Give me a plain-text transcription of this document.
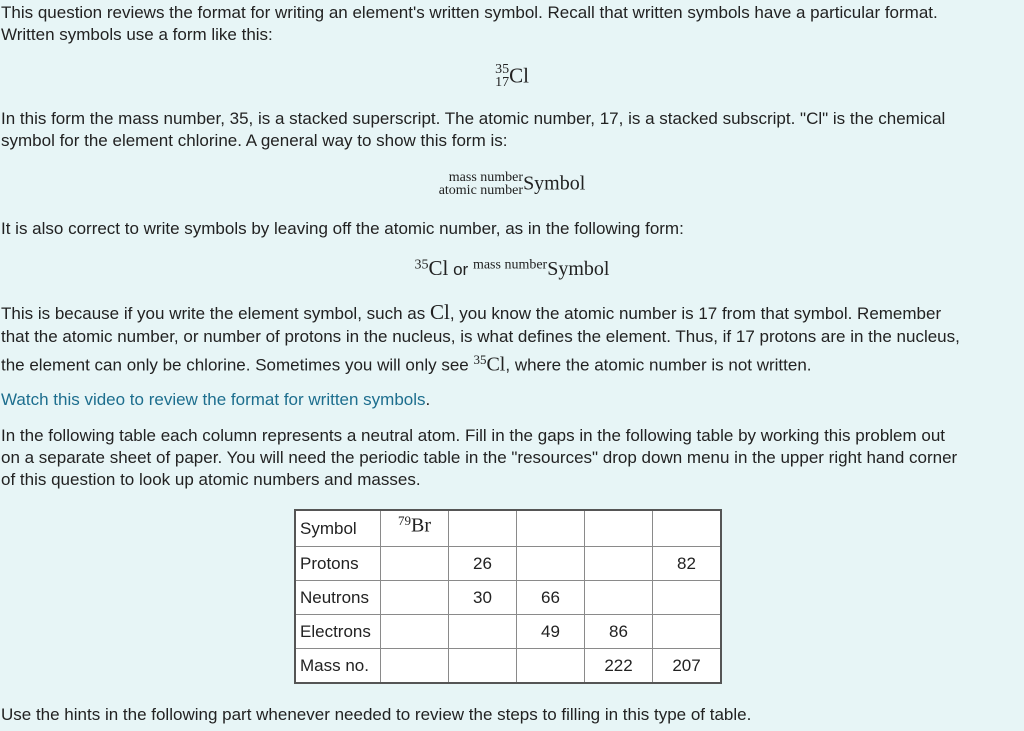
This question reviews the format for writing an element's written symbol. Recall that written symbols have a particular format.
Written symbols use a form like this:
35
17 Cl
In this form the mass number, 35, is a stacked superscript. The atomic number, 17, is a stacked subscript. "Cl" is the chemical
symbol for the element chlorine. A general way to show this form is:
mass number
atomic number Symbol
It is also correct to write symbols by leaving off the atomic number, as in the following form:
$^{35}$Cl or $^{mass number}$Symbol
This is because if you write the element symbol, such as Cl, you know the atomic number is 17 from that symbol. Remember
that the atomic number, or number of protons in the nucleus, is what defines the element. Thus, if 17 protons are in the nucleus,
the element can only be chlorine. Sometimes you will only see $^{35}$Cl, where the atomic number is not written.
Watch this video to review the format for written symbols.
In the following table each column represents a neutral atom. Fill in the gaps in the following table by working this problem out
on a separate sheet of paper. You will need the periodic table in the "resources" drop down menu in the upper right hand corner
of this question to look up atomic numbers and masses.
Symbol	$^{79}$Br				
Protons		26			82
Neutrons		30	66		
Electrons			49	86	
Mass no.				222	207
Use the hints in the following part whenever needed to review the steps to filling in this type of table.
